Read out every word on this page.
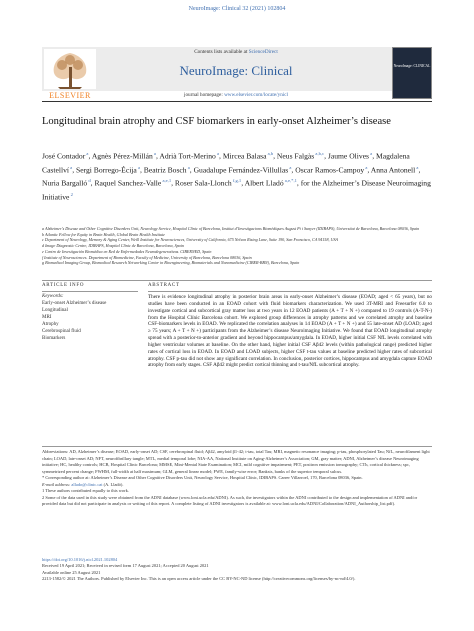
NeuroImage: Clinical 32 (2021) 102804
Contents lists available at ScienceDirect
NeuroImage: Clinical
journal homepage: www.elsevier.com/locate/ynicl
ELSEVIER
NeuroImage: CLINICAL
Longitudinal brain atrophy and CSF biomarkers in early-onset Alzheimer’s disease
José Contador $^a$, Agnès Pérez-Millán $^a$, Adrià Tort-Merino $^a$, Mircea Balasa $^{a,b}$, Neus Falgàs $^{a,b,c}$, Jaume Olives $^a$, Magdalena Castellví $^a$, Sergi Borrego-Écija $^a$, Beatriz Bosch $^a$, Guadalupe Fernández-Villullas $^a$, Oscar Ramos-Campoy $^a$, Anna Antonell $^a$, Nuria Bargalló $^d$, Raquel Sanchez-Valle $^{a,e,1}$, Roser Sala-Llonch $^{f,g,1}$, Albert Lladó $^{a,e,*,1}$, for the Alzheimer’s Disease Neuroimaging Initiative $^2$
a Alzheimer’s Disease and Other Cognitive Disorders Unit, Neurology Service, Hospital Clínic of Barcelona, Institut d’Investigacions Biomèdiques August Pi i Sunyer (IDIBAPS), Universitat de Barcelona, Barcelona 08036, Spain
b Atlantic Fellow for Equity in Brain Health, Global Brain Health Institute
c Department of Neurology, Memory & Aging Center, Weill Institute for Neurosciences, University of California, 675 Nelson Rising Lane, Suite 190, San Francisco, CA 94158, USA
d Image Diagnostic Centre, IDIBAPS, Hospital Clínic de Barcelona, Barcelona, Spain
e Centro de Investigación Biomédica en Red de Enfermedades Neurodegenerativas. CIBERNED, Spain
f Institute of Neurosciences. Department of Biomedicine, Faculty of Medicine, University of Barcelona, Barcelona 08036, Spain
g Biomedical Imaging Group, Biomedical Research Networking Center in Bioengineering, Biomaterials and Nanomedicine (CIBER-BBN), Barcelona, Spain
ARTICLE INFO
Keywords:
Early-onset Alzheimer’s disease
Longitudinal
MRI
Atrophy
Cerebrospinal fluid
Biomarkers
ABSTRACT
There is evidence longitudinal atrophy in posterior brain areas in early-onset Alzheimer’s disease (EOAD; aged < 65 years), but no studies have been conducted in an EOAD cohort with fluid biomarkers characterization. We used 3T-MRI and Freesurfer 6.0 to investigate cortical and subcortical gray matter loss at two years in 12 EOAD patients (A + T + N +) compared to 19 controls (A-T-N-) from the Hospital Clínic Barcelona cohort. We explored group differences in atrophy patterns and we correlated atrophy and baseline CSF-biomarkers levels in EOAD. We replicated the correlation analyses in 14 EOAD (A + T + N +) and 55 late-onset AD (LOAD; aged ≥ 75 years; A + T + N +) participants from the Alzheimer’s disease Neuroimaging Initiative. We found that EOAD longitudinal atrophy spread with a posterior-to-anterior gradient and beyond hippocampus/amygdala. In EOAD, higher initial CSF NfL levels correlated with higher ventricular volumes at baseline. On the other hand, higher initial CSF Aβ42 levels (within pathological range) predicted higher rates of cortical loss in EOAD. In EOAD and LOAD subjects, higher CSF t-tau values at baseline predicted higher rates of subcortical atrophy. CSF p-tau did not show any significant correlation. In conclusion, posterior cortices, hippocampus and amygdala capture EOAD atrophy from early stages. CSF Aβ42 might predict cortical thinning and t-tau/NfL subcortical atrophy.
Abbreviations: AD, Alzheimer’s disease; EOAD, early-onset AD; CSF, cerebrospinal fluid; Aβ42, amyloid β1-42; t-tau, total Tau; MRI, magnetic resonance imaging; p-tau, phosphorylated Tau; NfL, neurofilament light chain; LOAD, late-onset AD; NFT, neurofibrillary tangle; MTL, medial temporal lobe; NIA-AA, National Institute on Aging-Alzheimer’s Association; GM, gray matter; ADNI, Alzheimer’s disease Neuroimaging initiative; HC, healthy controls; HCB, Hospital Clínic Barcelona; MMSE, Mini-Mental State Examination; MCI, mild cognitive impairment; PET, positron emission tomography; CTh, cortical thickness; spc, symmetrized percent change; FWHM, full-width at half maximum; GLM, general linear model; FWE, family-wise error; Banksts, banks of the superior temporal sulcus.
* Corresponding author at: Alzheimer’s Disease and Other Cognitive Disorders Unit, Neurology Service, Hospital Clínic, IDIBAPS. Carrer Villarroel, 170, Barcelona 08036, Spain.
E-mail address: allado@clinic.cat (A. Lladó).
1 These authors contributed equally to this work.
2 Some of the data used in this study were obtained from the ADNI database (www.loni.ucla.edu/ADNI). As such, the investigators within the ADNI contributed to the design and implementation of ADNI and/or provided data but did not participate in analysis or writing of this report. A complete listing of ADNI investigators is available at: www.loni.ucla.edu/ADNI/Collaboration/ADNI_Authorship_list.pdf).
https://doi.org/10.1016/j.nicl.2021.102804
Received 19 April 2021; Received in revised form 17 August 2021; Accepted 20 August 2021
Available online 25 August 2021
2213-1582/© 2021 The Authors. Published by Elsevier Inc. This is an open access article under the CC BY-NC-ND license (http://creativecommons.org/licenses/by-nc-nd/4.0/).
